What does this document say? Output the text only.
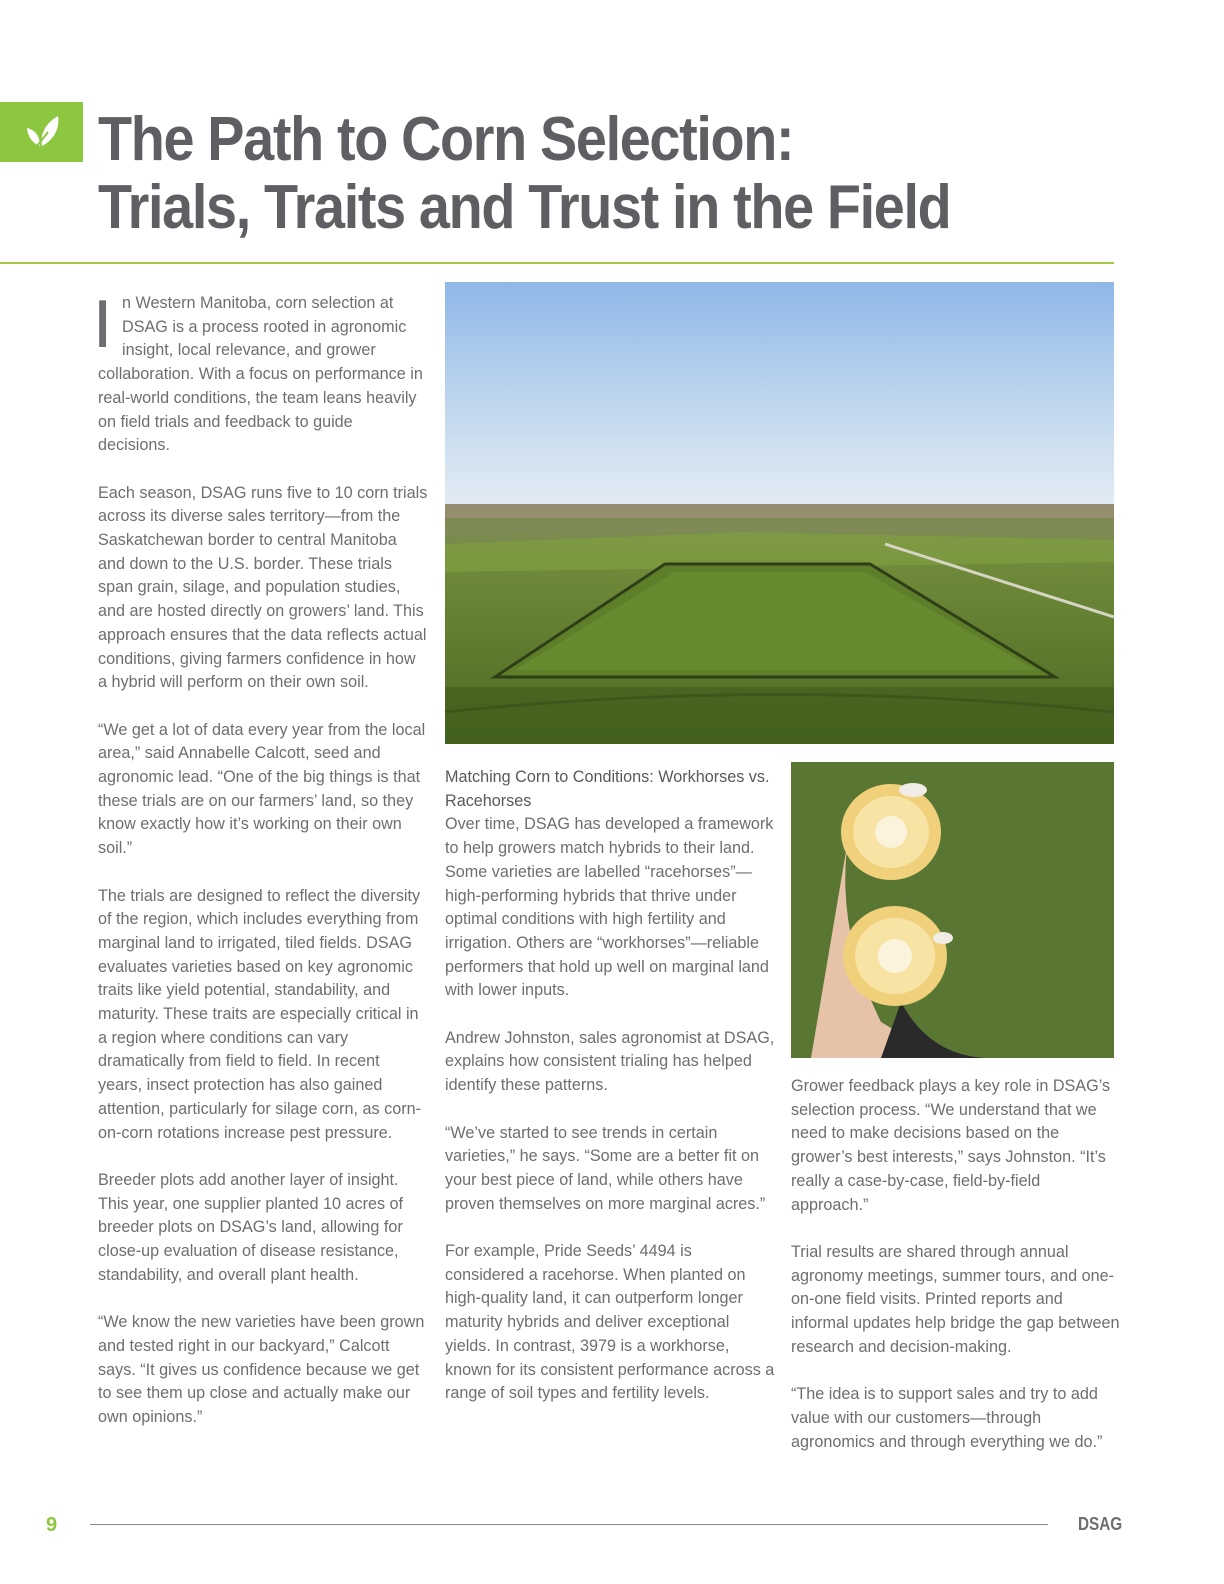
The Path to Corn Selection:
Trials, Traits and Trust in the Field

In Western Manitoba, corn selection at DSAG is a process rooted in agronomic insight, local relevance, and grower collaboration. With a focus on performance in real-world conditions, the team leans heavily on field trials and feedback to guide decisions.

Each season, DSAG runs five to 10 corn trials across its diverse sales territory—from the Saskatchewan border to central Manitoba and down to the U.S. border. These trials span grain, silage, and population studies, and are hosted directly on growers’ land. This approach ensures that the data reflects actual conditions, giving farmers confidence in how a hybrid will perform on their own soil.

“We get a lot of data every year from the local area,” said Annabelle Calcott, seed and agronomic lead. “One of the big things is that these trials are on our farmers’ land, so they know exactly how it’s working on their own soil.”

The trials are designed to reflect the diversity of the region, which includes everything from marginal land to irrigated, tiled fields. DSAG evaluates varieties based on key agronomic traits like yield potential, standability, and maturity. These traits are especially critical in a region where conditions can vary dramatically from field to field. In recent years, insect protection has also gained attention, particularly for silage corn, as corn-on-corn rotations increase pest pressure.

Breeder plots add another layer of insight. This year, one supplier planted 10 acres of breeder plots on DSAG’s land, allowing for close-up evaluation of disease resistance, standability, and overall plant health.

“We know the new varieties have been grown and tested right in our backyard,” Calcott says. “It gives us confidence because we get to see them up close and actually make our own opinions.”

Matching Corn to Conditions: Workhorses vs. Racehorses
Over time, DSAG has developed a framework to help growers match hybrids to their land. Some varieties are labelled “racehorses”—high-performing hybrids that thrive under optimal conditions with high fertility and irrigation. Others are “workhorses”—reliable performers that hold up well on marginal land with lower inputs.

Andrew Johnston, sales agronomist at DSAG, explains how consistent trialing has helped identify these patterns.

“We’ve started to see trends in certain varieties,” he says. “Some are a better fit on your best piece of land, while others have proven themselves on more marginal acres.”

For example, Pride Seeds’ 4494 is considered a racehorse. When planted on high-quality land, it can outperform longer maturity hybrids and deliver exceptional yields. In contrast, 3979 is a workhorse, known for its consistent performance across a range of soil types and fertility levels.

Grower feedback plays a key role in DSAG’s selection process. “We understand that we need to make decisions based on the grower’s best interests,” says Johnston. “It’s really a case-by-case, field-by-field approach.”

Trial results are shared through annual agronomy meetings, summer tours, and one-on-one field visits. Printed reports and informal updates help bridge the gap between research and decision-making.

“The idea is to support sales and try to add value with our customers—through agronomics and through everything we do.”

9	DSAG
